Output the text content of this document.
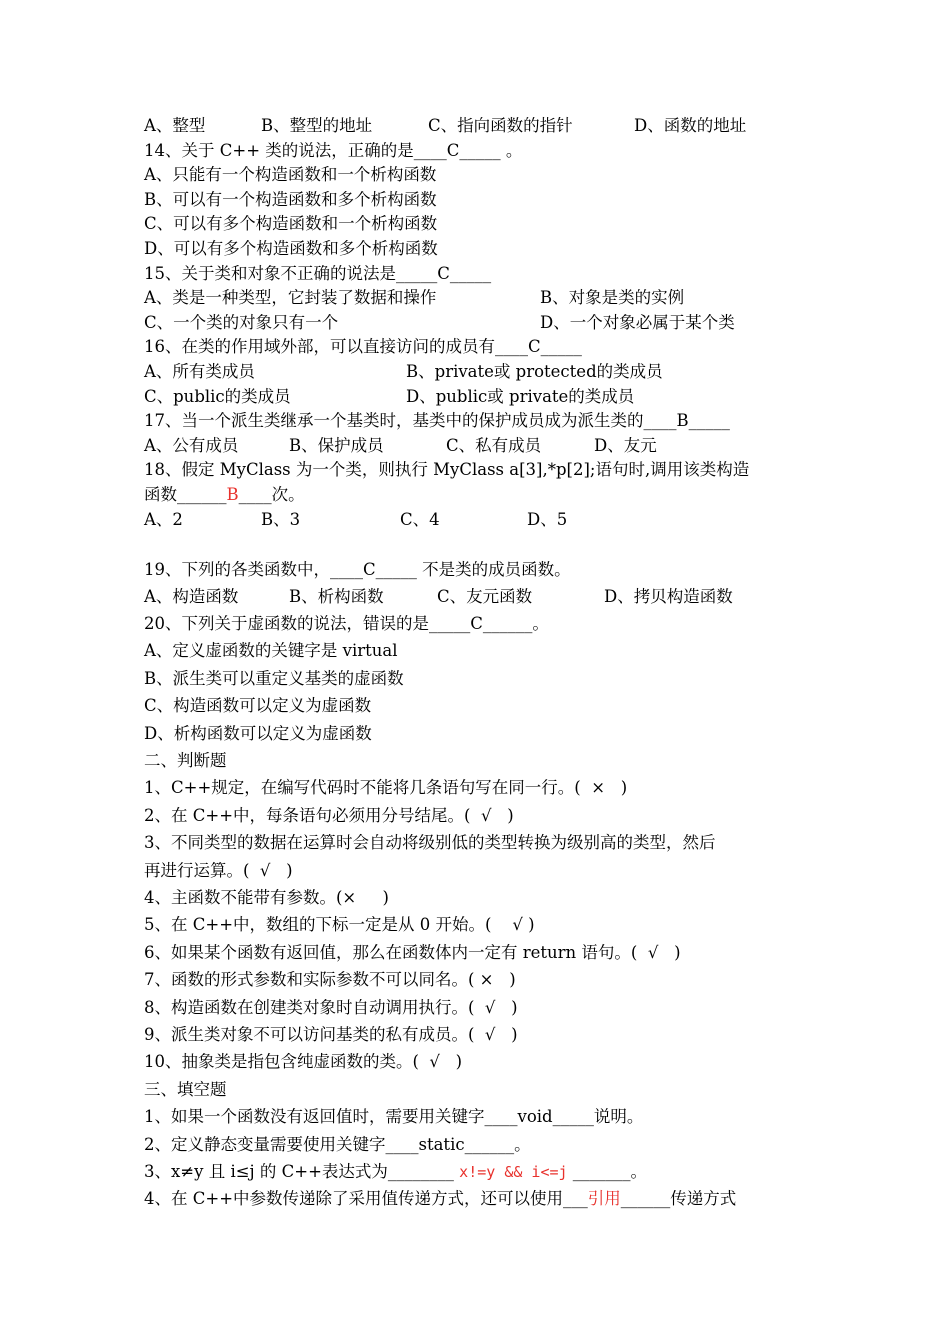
A、整型	B、整型的地址	C、指向函数的指针	D、函数的地址
14、关于 C++ 类的说法，正确的是____C_____ 。
A、只能有一个构造函数和一个析构函数
B、可以有一个构造函数和多个析构函数
C、可以有多个构造函数和一个析构函数
D、可以有多个构造函数和多个析构函数
15、关于类和对象不正确的说法是_____C_____
A、类是一种类型，它封装了数据和操作	B、对象是类的实例
C、一个类的对象只有一个	D、一个对象必属于某个类
16、在类的作用域外部，可以直接访问的成员有____C_____
A、所有类成员	B、private或 protected的类成员
C、public的类成员	D、public或 private的类成员
17、当一个派生类继承一个基类时，基类中的保护成员成为派生类的____B_____
A、公有成员	B、保护成员	C、私有成员	D、友元
18、假定 MyClass 为一个类，则执行 MyClass a[3],*p[2];语句时,调用该类构造
函数______B____次。
A、2	B、3	C、4	D、5
19、下列的各类函数中，____C_____ 不是类的成员函数。
A、构造函数	B、析构函数	C、友元函数	D、拷贝构造函数
20、下列关于虚函数的说法，错误的是_____C______。
A、定义虚函数的关键字是 virtual
B、派生类可以重定义基类的虚函数
C、构造函数可以定义为虚函数
D、析构函数可以定义为虚函数
二、判断题
1、C++规定，在编写代码时不能将几条语句写在同一行。(  ×   )
2、在 C++中，每条语句必须用分号结尾。(  √   )
3、不同类型的数据在运算时会自动将级别低的类型转换为级别高的类型，然后
再进行运算。(  √   )
4、主函数不能带有参数。(×     )
5、在 C++中，数组的下标一定是从 0 开始。(    √ )
6、如果某个函数有返回值，那么在函数体内一定有 return 语句。(  √   )
7、函数的形式参数和实际参数不可以同名。( ×   )
8、构造函数在创建类对象时自动调用执行。(  √   )
9、派生类对象不可以访问基类的私有成员。(  √   )
10、抽象类是指包含纯虚函数的类。(  √   )
三、填空题
1、如果一个函数没有返回值时，需要用关键字____void_____说明。
2、定义静态变量需要使用关键字____static______。
3、x≠y 且 i≤j 的 C++表达式为________ x!=y && i<=j _______。
4、在 C++中参数传递除了采用值传递方式，还可以使用___引用______传递方式
